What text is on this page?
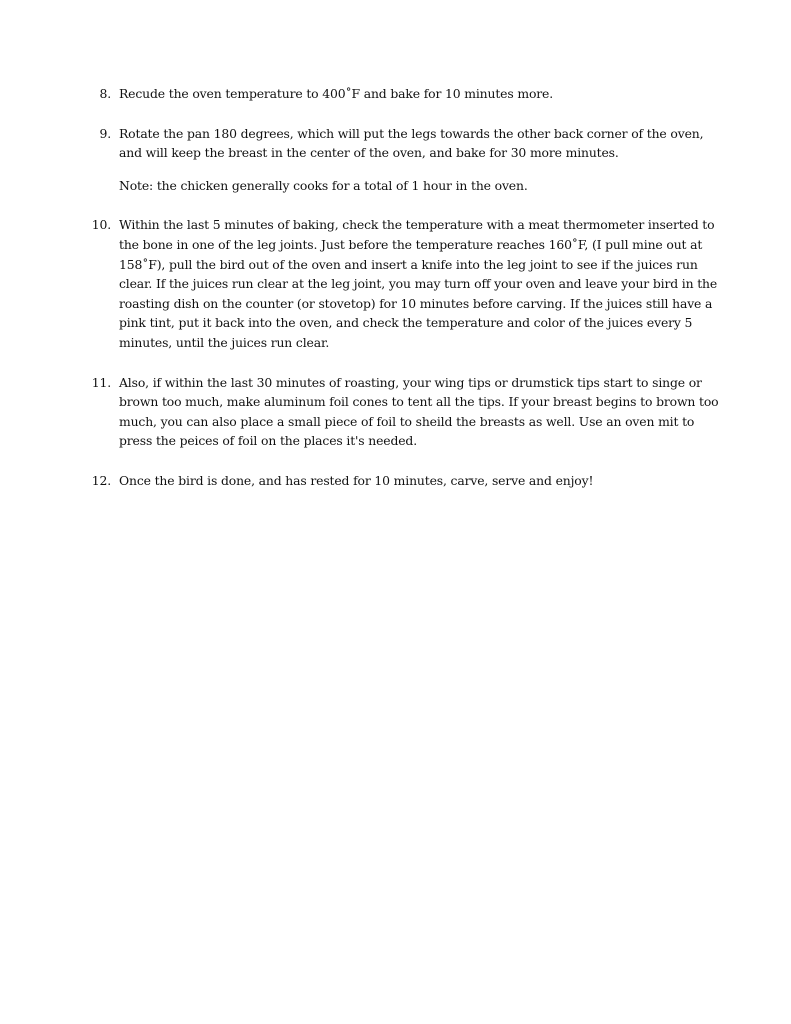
8. Recude the oven temperature to 400˚F and bake for 10 minutes more.
9. Rotate the pan 180 degrees, which will put the legs towards the other back corner of the oven, and will keep the breast in the center of the oven, and bake for 30 more minutes.
Note: the chicken generally cooks for a total of 1 hour in the oven.
10. Within the last 5 minutes of baking, check the temperature with a meat thermometer inserted to the bone in one of the leg joints. Just before the temperature reaches 160˚F, (I pull mine out at 158˚F), pull the bird out of the oven and insert a knife into the leg joint to see if the juices run clear. If the juices run clear at the leg joint, you may turn off your oven and leave your bird in the roasting dish on the counter (or stovetop) for 10 minutes before carving. If the juices still have a pink tint, put it back into the oven, and check the temperature and color of the juices every 5 minutes, until the juices run clear.
11. Also, if within the last 30 minutes of roasting, your wing tips or drumstick tips start to singe or brown too much, make aluminum foil cones to tent all the tips. If your breast begins to brown too much, you can also place a small piece of foil to sheild the breasts as well. Use an oven mit to press the peices of foil on the places it's needed.
12. Once the bird is done, and has rested for 10 minutes, carve, serve and enjoy!
